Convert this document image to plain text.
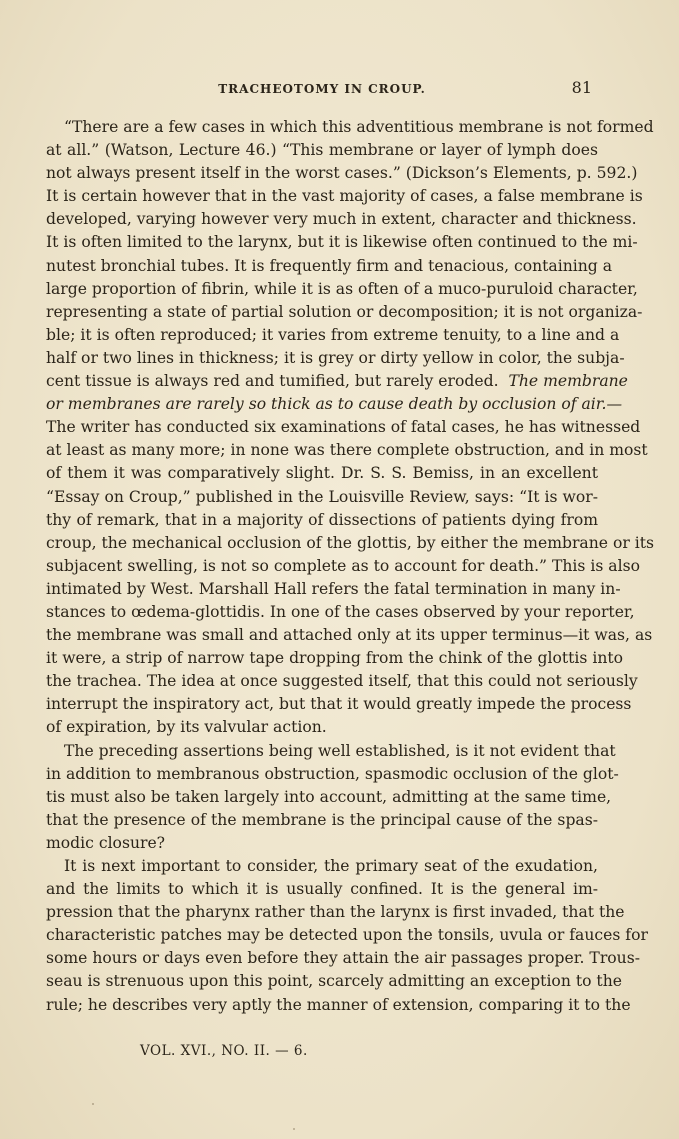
TRACHEOTOMY IN CROUP.	81
“There are a few cases in which this adventitious membrane is not formed
at all.” (Watson, Lecture 46.) “This membrane or layer of lymph does
not always present itself in the worst cases.” (Dickson’s Elements, p. 592.)
It is certain however that in the vast majority of cases, a false membrane is
developed, varying however very much in extent, character and thickness.
It is often limited to the larynx, but it is likewise often continued to the mi-
nutest bronchial tubes. It is frequently firm and tenacious, containing a
large proportion of fibrin, while it is as often of a muco-puruloid character,
representing a state of partial solution or decomposition; it is not organiza-
ble; it is often reproduced; it varies from extreme tenuity, to a line and a
half or two lines in thickness; it is grey or dirty yellow in color, the subja-
cent tissue is always red and tumified, but rarely eroded. The membrane
or membranes are rarely so thick as to cause death by occlusion of air.—
The writer has conducted six examinations of fatal cases, he has witnessed
at least as many more; in none was there complete obstruction, and in most
of them it was comparatively slight. Dr. S. S. Bemiss, in an excellent
“Essay on Croup,” published in the Louisville Review, says: “It is wor-
thy of remark, that in a majority of dissections of patients dying from
croup, the mechanical occlusion of the glottis, by either the membrane or its
subjacent swelling, is not so complete as to account for death.” This is also
intimated by West. Marshall Hall refers the fatal termination in many in-
stances to œdema-glottidis. In one of the cases observed by your reporter,
the membrane was small and attached only at its upper terminus—it was, as
it were, a strip of narrow tape dropping from the chink of the glottis into
the trachea. The idea at once suggested itself, that this could not seriously
interrupt the inspiratory act, but that it would greatly impede the process
of expiration, by its valvular action.
The preceding assertions being well established, is it not evident that
in addition to membranous obstruction, spasmodic occlusion of the glot-
tis must also be taken largely into account, admitting at the same time,
that the presence of the membrane is the principal cause of the spas-
modic closure?
It is next important to consider, the primary seat of the exudation,
and the limits to which it is usually confined. It is the general im-
pression that the pharynx rather than the larynx is first invaded, that the
characteristic patches may be detected upon the tonsils, uvula or fauces for
some hours or days even before they attain the air passages proper. Trous-
seau is strenuous upon this point, scarcely admitting an exception to the
rule; he describes very aptly the manner of extension, comparing it to the
VOL. XVI., NO. II. — 6.
